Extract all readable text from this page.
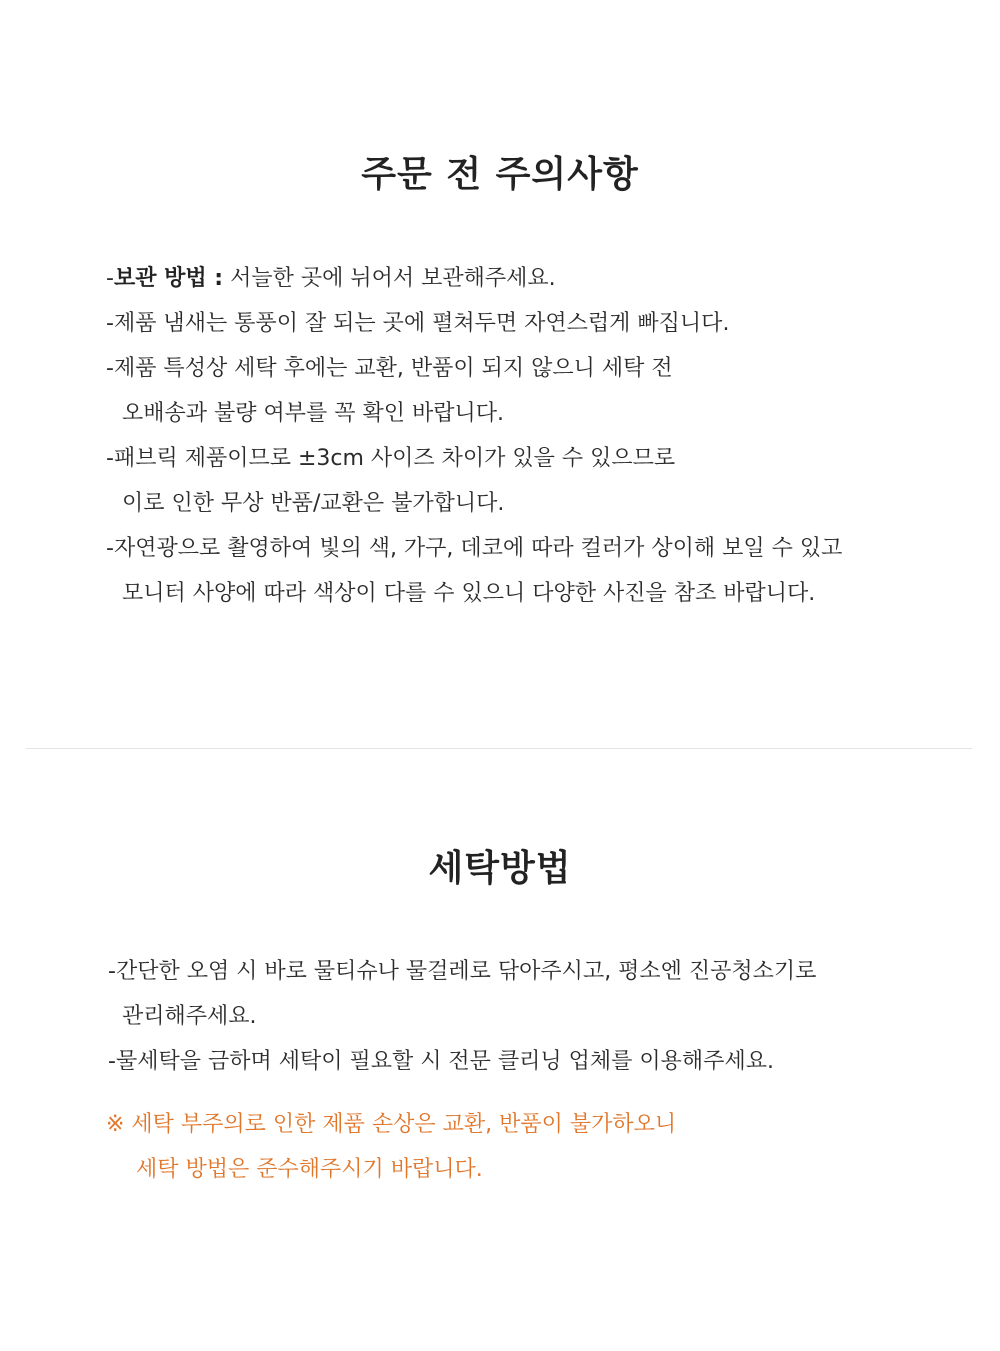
주문 전 주의사항
-보관 방법 : 서늘한 곳에 뉘어서 보관해주세요.
-제품 냄새는 통풍이 잘 되는 곳에 펼쳐두면 자연스럽게 빠집니다.
-제품 특성상 세탁 후에는 교환, 반품이 되지 않으니 세탁 전
오배송과 불량 여부를 꼭 확인 바랍니다.
-패브릭 제품이므로 ±3cm 사이즈 차이가 있을 수 있으므로
이로 인한 무상 반품/교환은 불가합니다.
-자연광으로 촬영하여 빛의 색, 가구, 데코에 따라 컬러가 상이해 보일 수 있고
모니터 사양에 따라 색상이 다를 수 있으니 다양한 사진을 참조 바랍니다.
세탁방법
-간단한 오염 시 바로 물티슈나 물걸레로 닦아주시고, 평소엔 진공청소기로
관리해주세요.
-물세탁을 금하며 세탁이 필요할 시 전문 클리닝 업체를 이용해주세요.
※ 세탁 부주의로 인한 제품 손상은 교환, 반품이 불가하오니
세탁 방법은 준수해주시기 바랍니다.
